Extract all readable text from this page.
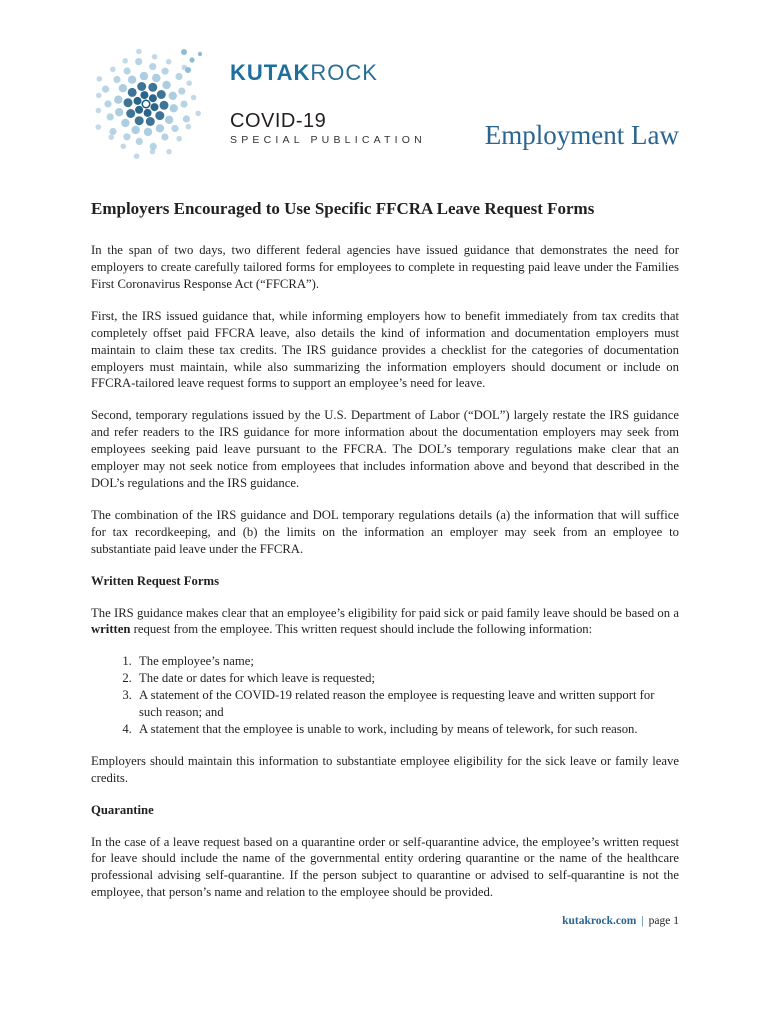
KUTAKROCK
COVID-19
SPECIAL PUBLICATION Employment Law
Employers Encouraged to Use Specific FFCRA Leave Request Forms

In the span of two days, two different federal agencies have issued guidance that demonstrates the need for employers to create carefully tailored forms for employees to complete in requesting paid leave under the Families First Coronavirus Response Act (“FFCRA”).

First, the IRS issued guidance that, while informing employers how to benefit immediately from tax credits that completely offset paid FFCRA leave, also details the kind of information and documentation employers must maintain to claim these tax credits. The IRS guidance provides a checklist for the categories of documentation employers must maintain, while also summarizing the information employers should document or include on FFCRA-tailored leave request forms to support an employee’s need for leave.

Second, temporary regulations issued by the U.S. Department of Labor (“DOL”) largely restate the IRS guidance and refer readers to the IRS guidance for more information about the documentation employers may seek from employees seeking paid leave pursuant to the FFCRA. The DOL’s temporary regulations make clear that an employer may not seek notice from employees that includes information above and beyond that described in the DOL’s regulations and the IRS guidance.

The combination of the IRS guidance and DOL temporary regulations details (a) the information that will suffice for tax recordkeeping, and (b) the limits on the information an employer may seek from an employee to substantiate paid leave under the FFCRA.

Written Request Forms

The IRS guidance makes clear that an employee’s eligibility for paid sick or paid family leave should be based on a written request from the employee. This written request should include the following information:

1. The employee’s name;
2. The date or dates for which leave is requested;
3. A statement of the COVID-19 related reason the employee is requesting leave and written support for such reason; and
4. A statement that the employee is unable to work, including by means of telework, for such reason.

Employers should maintain this information to substantiate employee eligibility for the sick leave or family leave credits.

Quarantine

In the case of a leave request based on a quarantine order or self-quarantine advice, the employee’s written request for leave should include the name of the governmental entity ordering quarantine or the name of the healthcare professional advising self-quarantine. If the person subject to quarantine or advised to self-quarantine is not the employee, that person’s name and relation to the employee should be provided.

kutakrock.com | page 1
